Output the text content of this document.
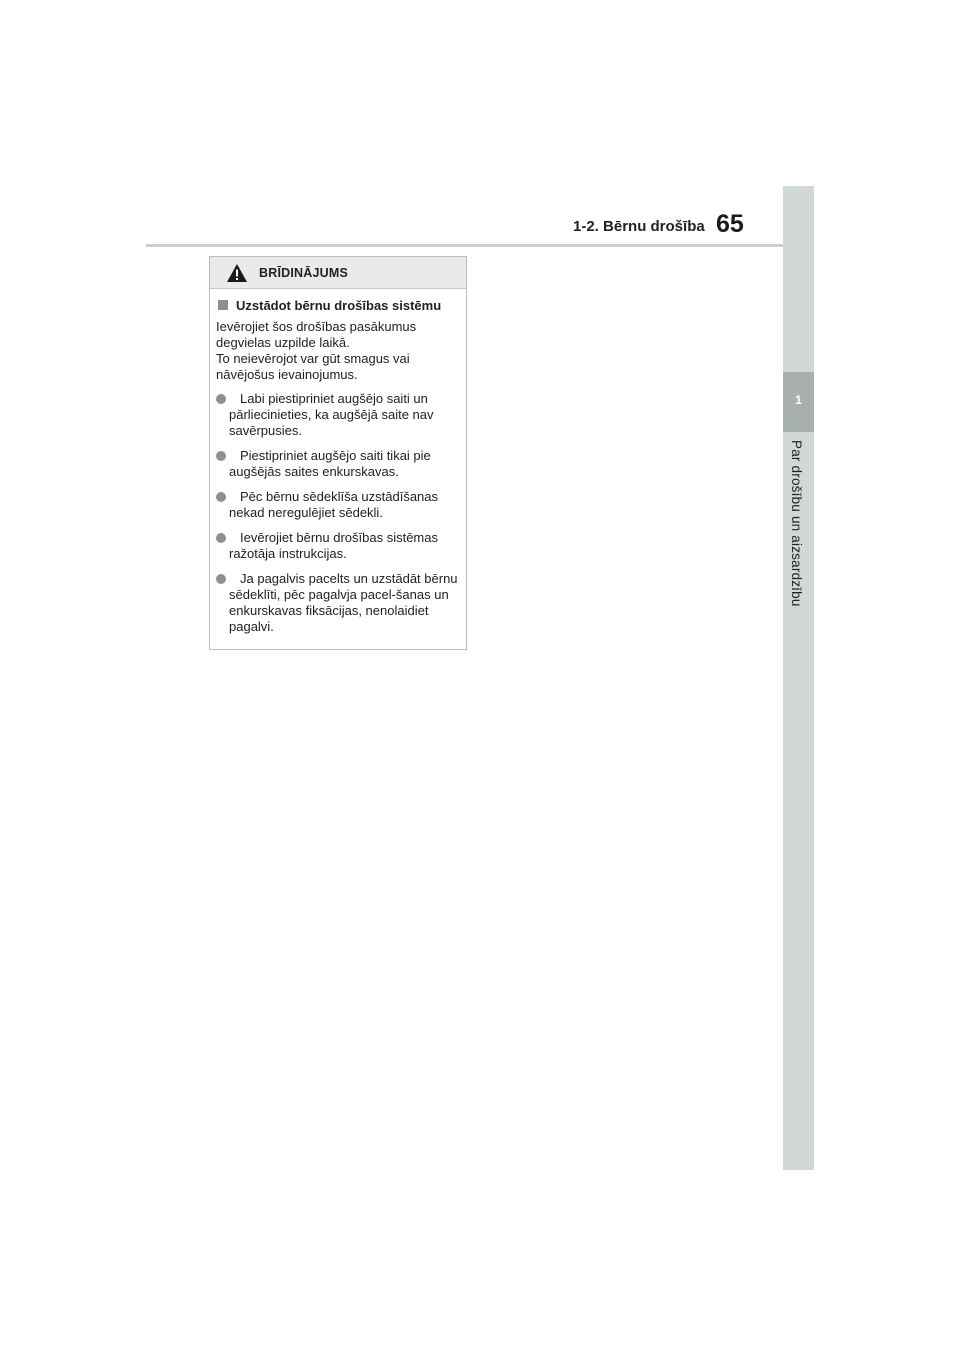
1-2. Bērnu drošība 65
1
Par drošību un aizsardzību
BRĪDINĀJUMS
Uzstādot bērnu drošības sistēmu
Ievērojiet šos drošības pasākumus
degvielas uzpilde laikā.
To neievērojot var gūt smagus vai
nāvējošus ievainojumus.
Labi piestipriniet augšējo saiti un pārliecinieties, ka augšējā saite nav savērpusies.
Piestipriniet augšējo saiti tikai pie augšējās saites enkurskavas.
Pēc bērnu sēdeklīša uzstādīšanas nekad neregulējiet sēdekli.
Ievērojiet bērnu drošības sistēmas ražotāja instrukcijas.
Ja pagalvis pacelts un uzstādāt bērnu sēdeklīti, pēc pagalvja pacel-šanas un enkurskavas fiksācijas, nenolaidiet pagalvi.
